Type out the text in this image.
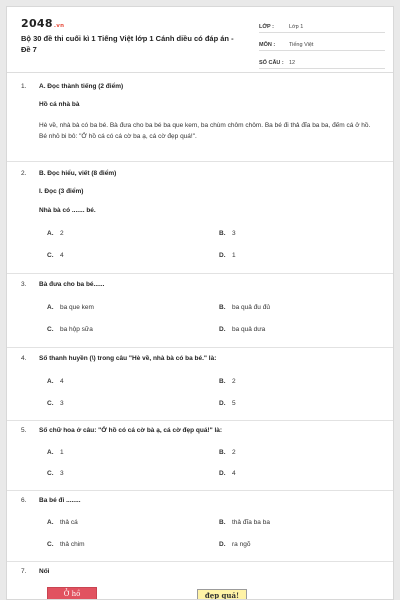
2048.vn
Bộ 30 đề thi cuối kì 1 Tiếng Việt lớp 1 Cánh diều có đáp án - Đề 7
LỚP :	Lớp 1
MÔN :	Tiếng Việt
SỐ CÂU : 12
1.	A. Đọc thành tiếng (2 điểm)
Hồ cá nhà bà
Hè về, nhà bà có ba bé. Bà đưa cho ba bé ba que kem, ba chùm chôm chôm. Ba bé đi thả đĩa ba ba, đếm cá ở hồ. Bé nhỏ bi bô: "Ở hồ cá có cá cờ ba ạ, cá cờ đẹp quá!".
2.	B. Đọc hiểu, viết (8 điểm)
I. Đọc (3 điểm)
Nhà bà có ....... bé.
A.	2	B.	3
C.	4	D.	1
3.	Bà đưa cho ba bé......
A.	ba que kem	B.	ba quả đu đủ
C.	ba hộp sữa	D.	ba quả dưa
4.	Số thanh huyền (\) trong câu "Hè về, nhà bà có ba bé." là:
A.	4	B.	2
C.	3	D.	5
5.	Số chữ hoa ở câu: "Ở hồ có cá cờ bà ạ, cá cờ đẹp quá!" là:
A.	1	B.	2
C.	3	D.	4
6.	Ba bé đi ........
A.	thả cá	B.	thả đĩa ba ba
C.	thả chim	D.	ra ngõ
7.	Nối
Ở hồ	đẹp quá!
